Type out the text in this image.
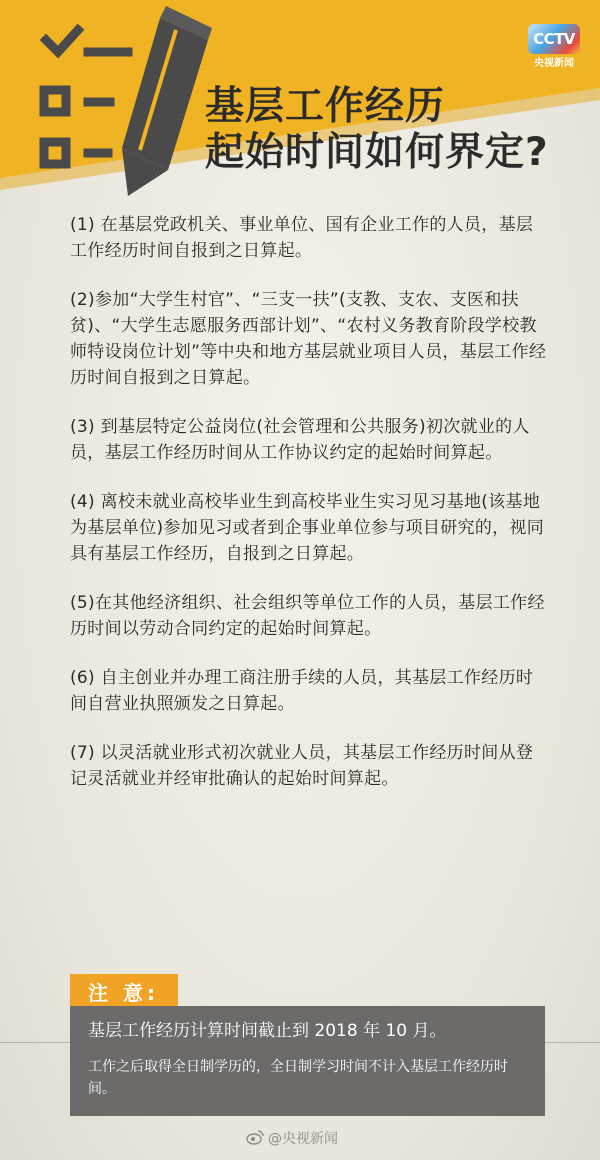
CCTV
央视新闻
基层工作经历
起始时间如何界定?

(1) 在基层党政机关、事业单位、国有企业工作的人员，基层工作经历时间自报到之日算起。

(2)参加“大学生村官”、“三支一扶”(支教、支农、支医和扶贫)、“大学生志愿服务西部计划”、“农村义务教育阶段学校教师特设岗位计划”等中央和地方基层就业项目人员，基层工作经历时间自报到之日算起。

(3) 到基层特定公益岗位(社会管理和公共服务)初次就业的人员，基层工作经历时间从工作协议约定的起始时间算起。

(4) 离校未就业高校毕业生到高校毕业生实习见习基地(该基地为基层单位)参加见习或者到企事业单位参与项目研究的，视同具有基层工作经历，自报到之日算起。

(5)在其他经济组织、社会组织等单位工作的人员，基层工作经历时间以劳动合同约定的起始时间算起。

(6) 自主创业并办理工商注册手续的人员，其基层工作经历时间自营业执照颁发之日算起。

(7) 以灵活就业形式初次就业人员，其基层工作经历时间从登记灵活就业并经审批确认的起始时间算起。

注 意:
基层工作经历计算时间截止到 2018 年 10 月。
工作之后取得全日制学历的，全日制学习时间不计入基层工作经历时间。
@央视新闻
